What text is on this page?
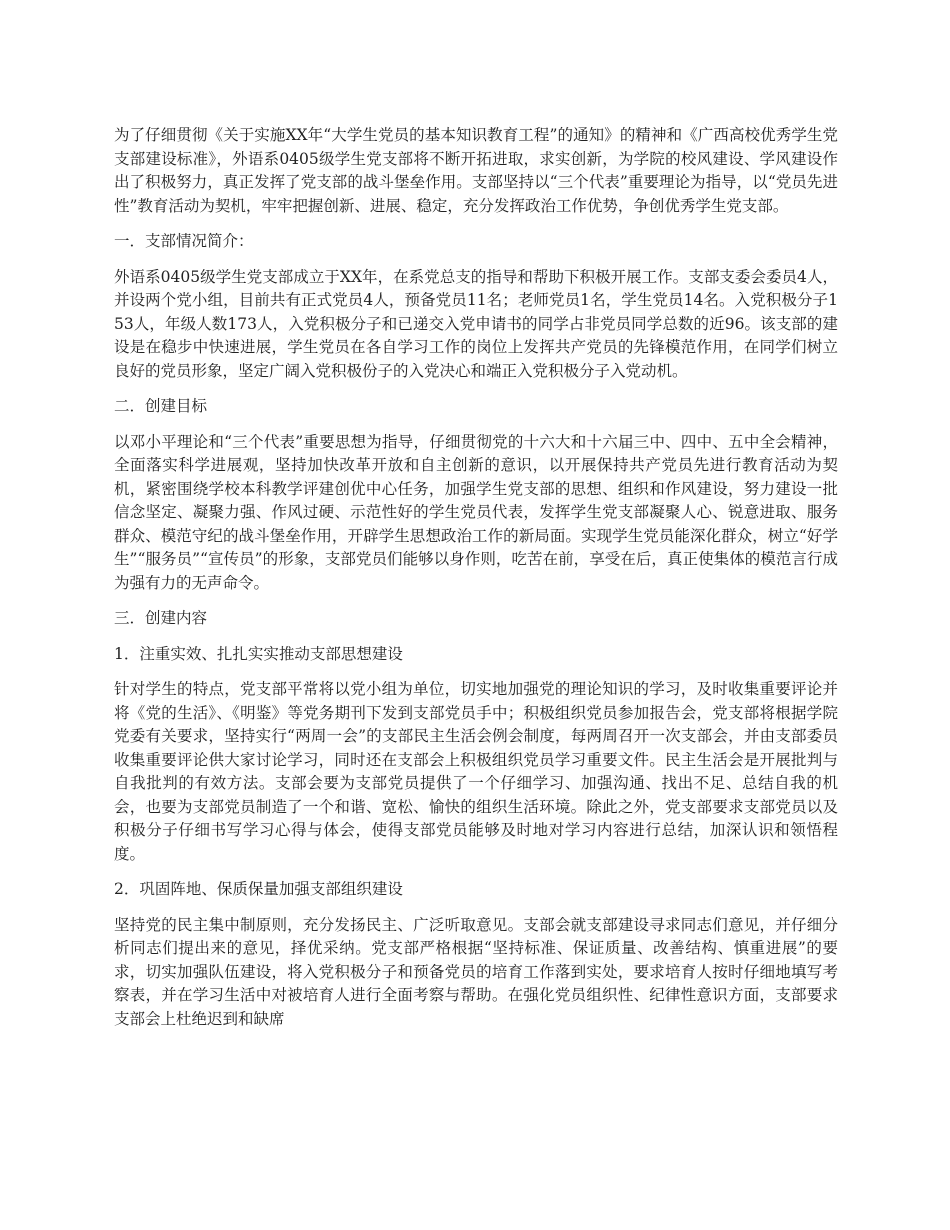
为了仔细贯彻《关于实施XX年“大学生党员的基本知识教育工程”的通知》的精神和《广西高校优秀学生党支部建设标准》，外语系0405级学生党支部将不断开拓进取，求实创新，为学院的校风建设、学风建设作出了积极努力，真正发挥了党支部的战斗堡垒作用。支部坚持以“三个代表”重要理论为指导，以“党员先进性”教育活动为契机，牢牢把握创新、进展、稳定，充分发挥政治工作优势，争创优秀学生党支部。

一．支部情况简介：

外语系0405级学生党支部成立于XX年，在系党总支的指导和帮助下积极开展工作。支部支委会委员4人，并设两个党小组，目前共有正式党员4人，预备党员11名；老师党员1名，学生党员14名。入党积极分子153人，年级人数173人，入党积极分子和已递交入党申请书的同学占非党员同学总数的近96。该支部的建设是在稳步中快速进展，学生党员在各自学习工作的岗位上发挥共产党员的先锋模范作用，在同学们树立良好的党员形象，坚定广阔入党积极份子的入党决心和端正入党积极分子入党动机。

二．创建目标

以邓小平理论和“三个代表”重要思想为指导，仔细贯彻党的十六大和十六届三中、四中、五中全会精神，全面落实科学进展观，坚持加快改革开放和自主创新的意识，以开展保持共产党员先进行教育活动为契机，紧密围绕学校本科教学评建创优中心任务，加强学生党支部的思想、组织和作风建设，努力建设一批信念坚定、凝聚力强、作风过硬、示范性好的学生党员代表，发挥学生党支部凝聚人心、锐意进取、服务群众、模范守纪的战斗堡垒作用，开辟学生思想政治工作的新局面。实现学生党员能深化群众，树立“好学生”“服务员”“宣传员”的形象，支部党员们能够以身作则，吃苦在前，享受在后，真正使集体的模范言行成为强有力的无声命令。

三．创建内容

1．注重实效、扎扎实实推动支部思想建设

针对学生的特点，党支部平常将以党小组为单位，切实地加强党的理论知识的学习，及时收集重要评论并将《党的生活》、《明鉴》等党务期刊下发到支部党员手中；积极组织党员参加报告会，党支部将根据学院党委有关要求，坚持实行“两周一会”的支部民主生活会例会制度，每两周召开一次支部会，并由支部委员收集重要评论供大家讨论学习，同时还在支部会上积极组织党员学习重要文件。民主生活会是开展批判与自我批判的有效方法。支部会要为支部党员提供了一个仔细学习、加强沟通、找出不足、总结自我的机会，也要为支部党员制造了一个和谐、宽松、愉快的组织生活环境。除此之外，党支部要求支部党员以及积极分子仔细书写学习心得与体会，使得支部党员能够及时地对学习内容进行总结，加深认识和领悟程度。

2．巩固阵地、保质保量加强支部组织建设

坚持党的民主集中制原则，充分发扬民主、广泛听取意见。支部会就支部建设寻求同志们意见，并仔细分析同志们提出来的意见，择优采纳。党支部严格根据“坚持标准、保证质量、改善结构、慎重进展”的要求，切实加强队伍建设，将入党积极分子和预备党员的培育工作落到实处，要求培育人按时仔细地填写考察表，并在学习生活中对被培育人进行全面考察与帮助。在强化党员组织性、纪律性意识方面，支部要求支部会上杜绝迟到和缺席
